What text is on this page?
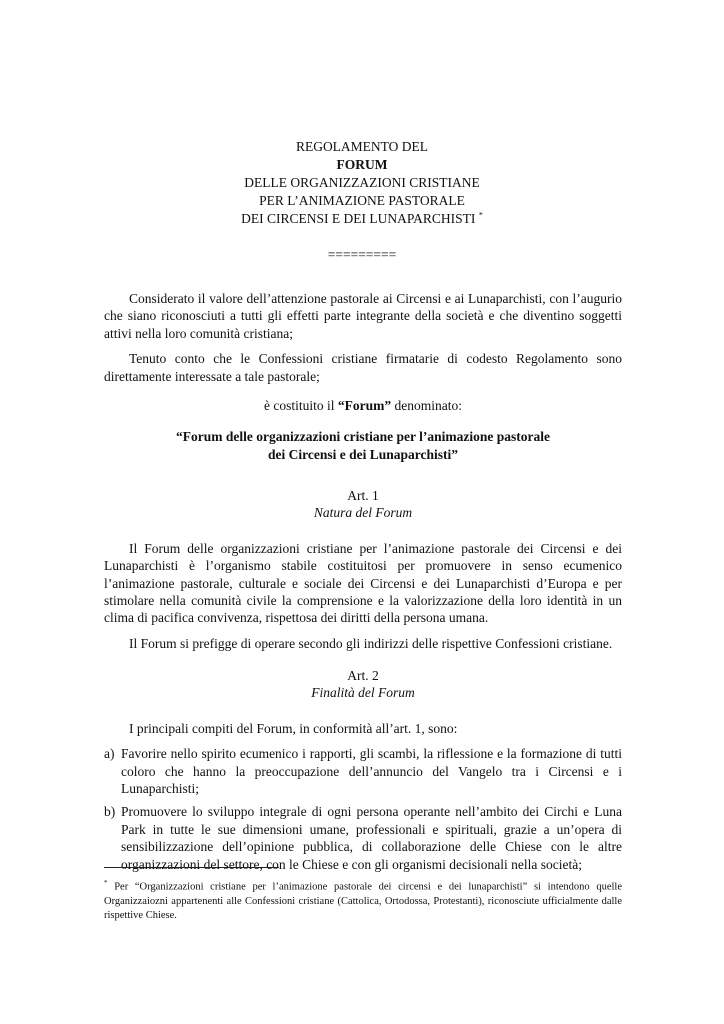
REGOLAMENTO DEL
FORUM
DELLE ORGANIZZAZIONI CRISTIANE
PER L’ANIMAZIONE PASTORALE
DEI CIRCENSI E DEI LUNAPARCHISTI *
=========

Considerato il valore dell’attenzione pastorale ai Circensi e ai Lunaparchisti, con l’augurio che siano riconosciuti a tutti gli effetti parte integrante della società e che diventino soggetti attivi nella loro comunità cristiana;

Tenuto conto che le Confessioni cristiane firmatarie di codesto Regolamento sono direttamente interessate a tale pastorale;

è costituito il “Forum” denominato:

“Forum delle organizzazioni cristiane per l’animazione pastorale
dei Circensi e dei Lunaparchisti”
Art. 1
Natura del Forum

Il Forum delle organizzazioni cristiane per l’animazione pastorale dei Circensi e dei Lunaparchisti è l’organismo stabile costituitosi per promuovere in senso ecumenico l’animazione pastorale, culturale e sociale dei Circensi e dei Lunaparchisti d’Europa e per stimolare nella comunità civile la comprensione e la valorizzazione della loro identità in un clima di pacifica convivenza, rispettosa dei diritti della persona umana.

Il Forum si prefigge di operare secondo gli indirizzi delle rispettive Confessioni cristiane.

Art. 2
Finalità del Forum

I principali compiti del Forum, in conformità all’art. 1, sono:

a) Favorire nello spirito ecumenico i rapporti, gli scambi, la riflessione e la formazione di tutti coloro che hanno la preoccupazione dell’annuncio del Vangelo tra i Circensi e i Lunaparchisti;
b) Promuovere lo sviluppo integrale di ogni persona operante nell’ambito dei Circhi e Luna Park in tutte le sue dimensioni umane, professionali e spirituali, grazie a un’opera di sensibilizzazione dell’opinione pubblica, di collaborazione delle Chiese con le altre organizzazioni del settore, con le Chiese e con gli organismi decisionali nella società;
* Per “Organizzazioni cristiane per l’animazione pastorale dei circensi e dei lunaparchisti” si intendono quelle Organizzaiozni appartenenti alle Confessioni cristiane (Cattolica, Ortodossa, Protestanti), riconosciute ufficialmente dalle rispettive Chiese.
